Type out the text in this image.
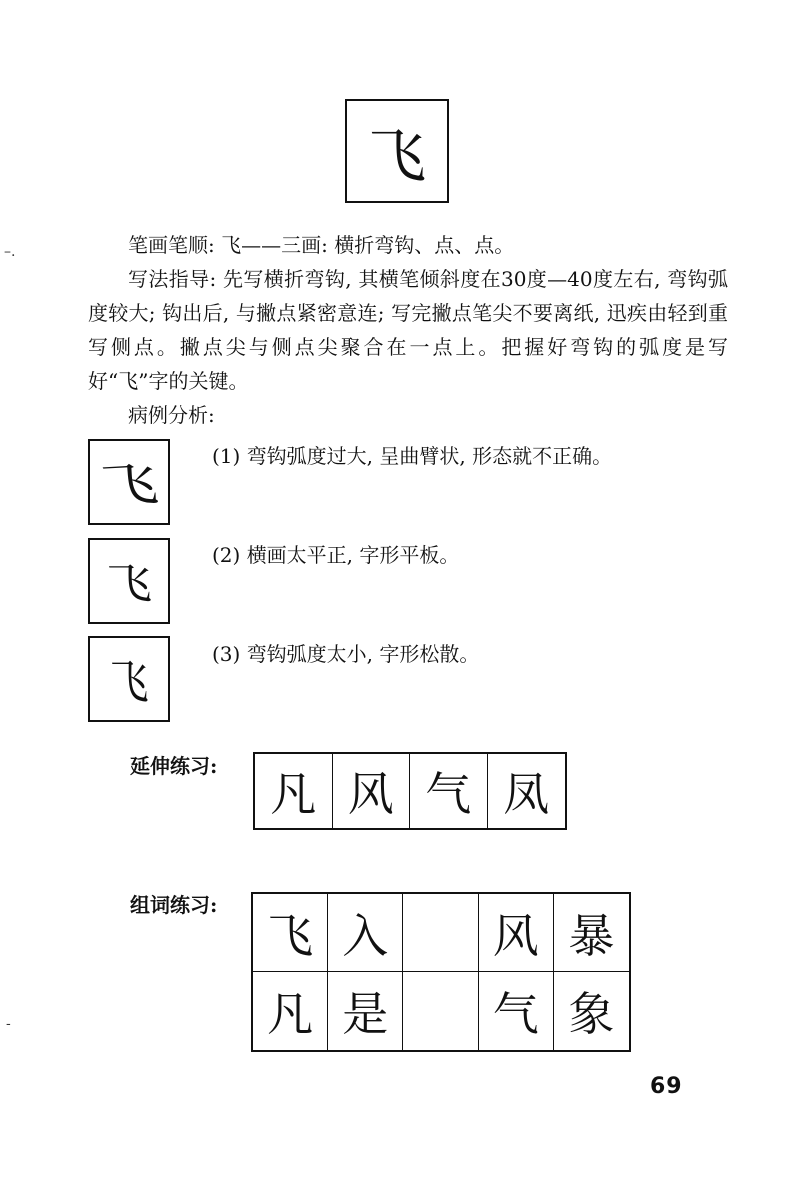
–.
-
飞

笔画笔顺: 飞——三画: 横折弯钩、点、点。

写法指导: 先写横折弯钩, 其横笔倾斜度在30度—40度左右, 弯钩弧度较大; 钩出后, 与撇点紧密意连; 写完撇点笔尖不要离纸, 迅疾由轻到重写侧点。撇点尖与侧点尖聚合在一点上。把握好弯钩的弧度是写好“飞”字的关键。

病例分析:

飞
(1) 弯钩弧度过大, 呈曲臂状, 形态就不正确。
飞
(2) 横画太平正, 字形平板。
飞
(3) 弯钩弧度太小, 字形松散。
延伸练习:
凡 风 气 凤
组词练习:
飞 入	风 暴
凡 是	气 象
69
